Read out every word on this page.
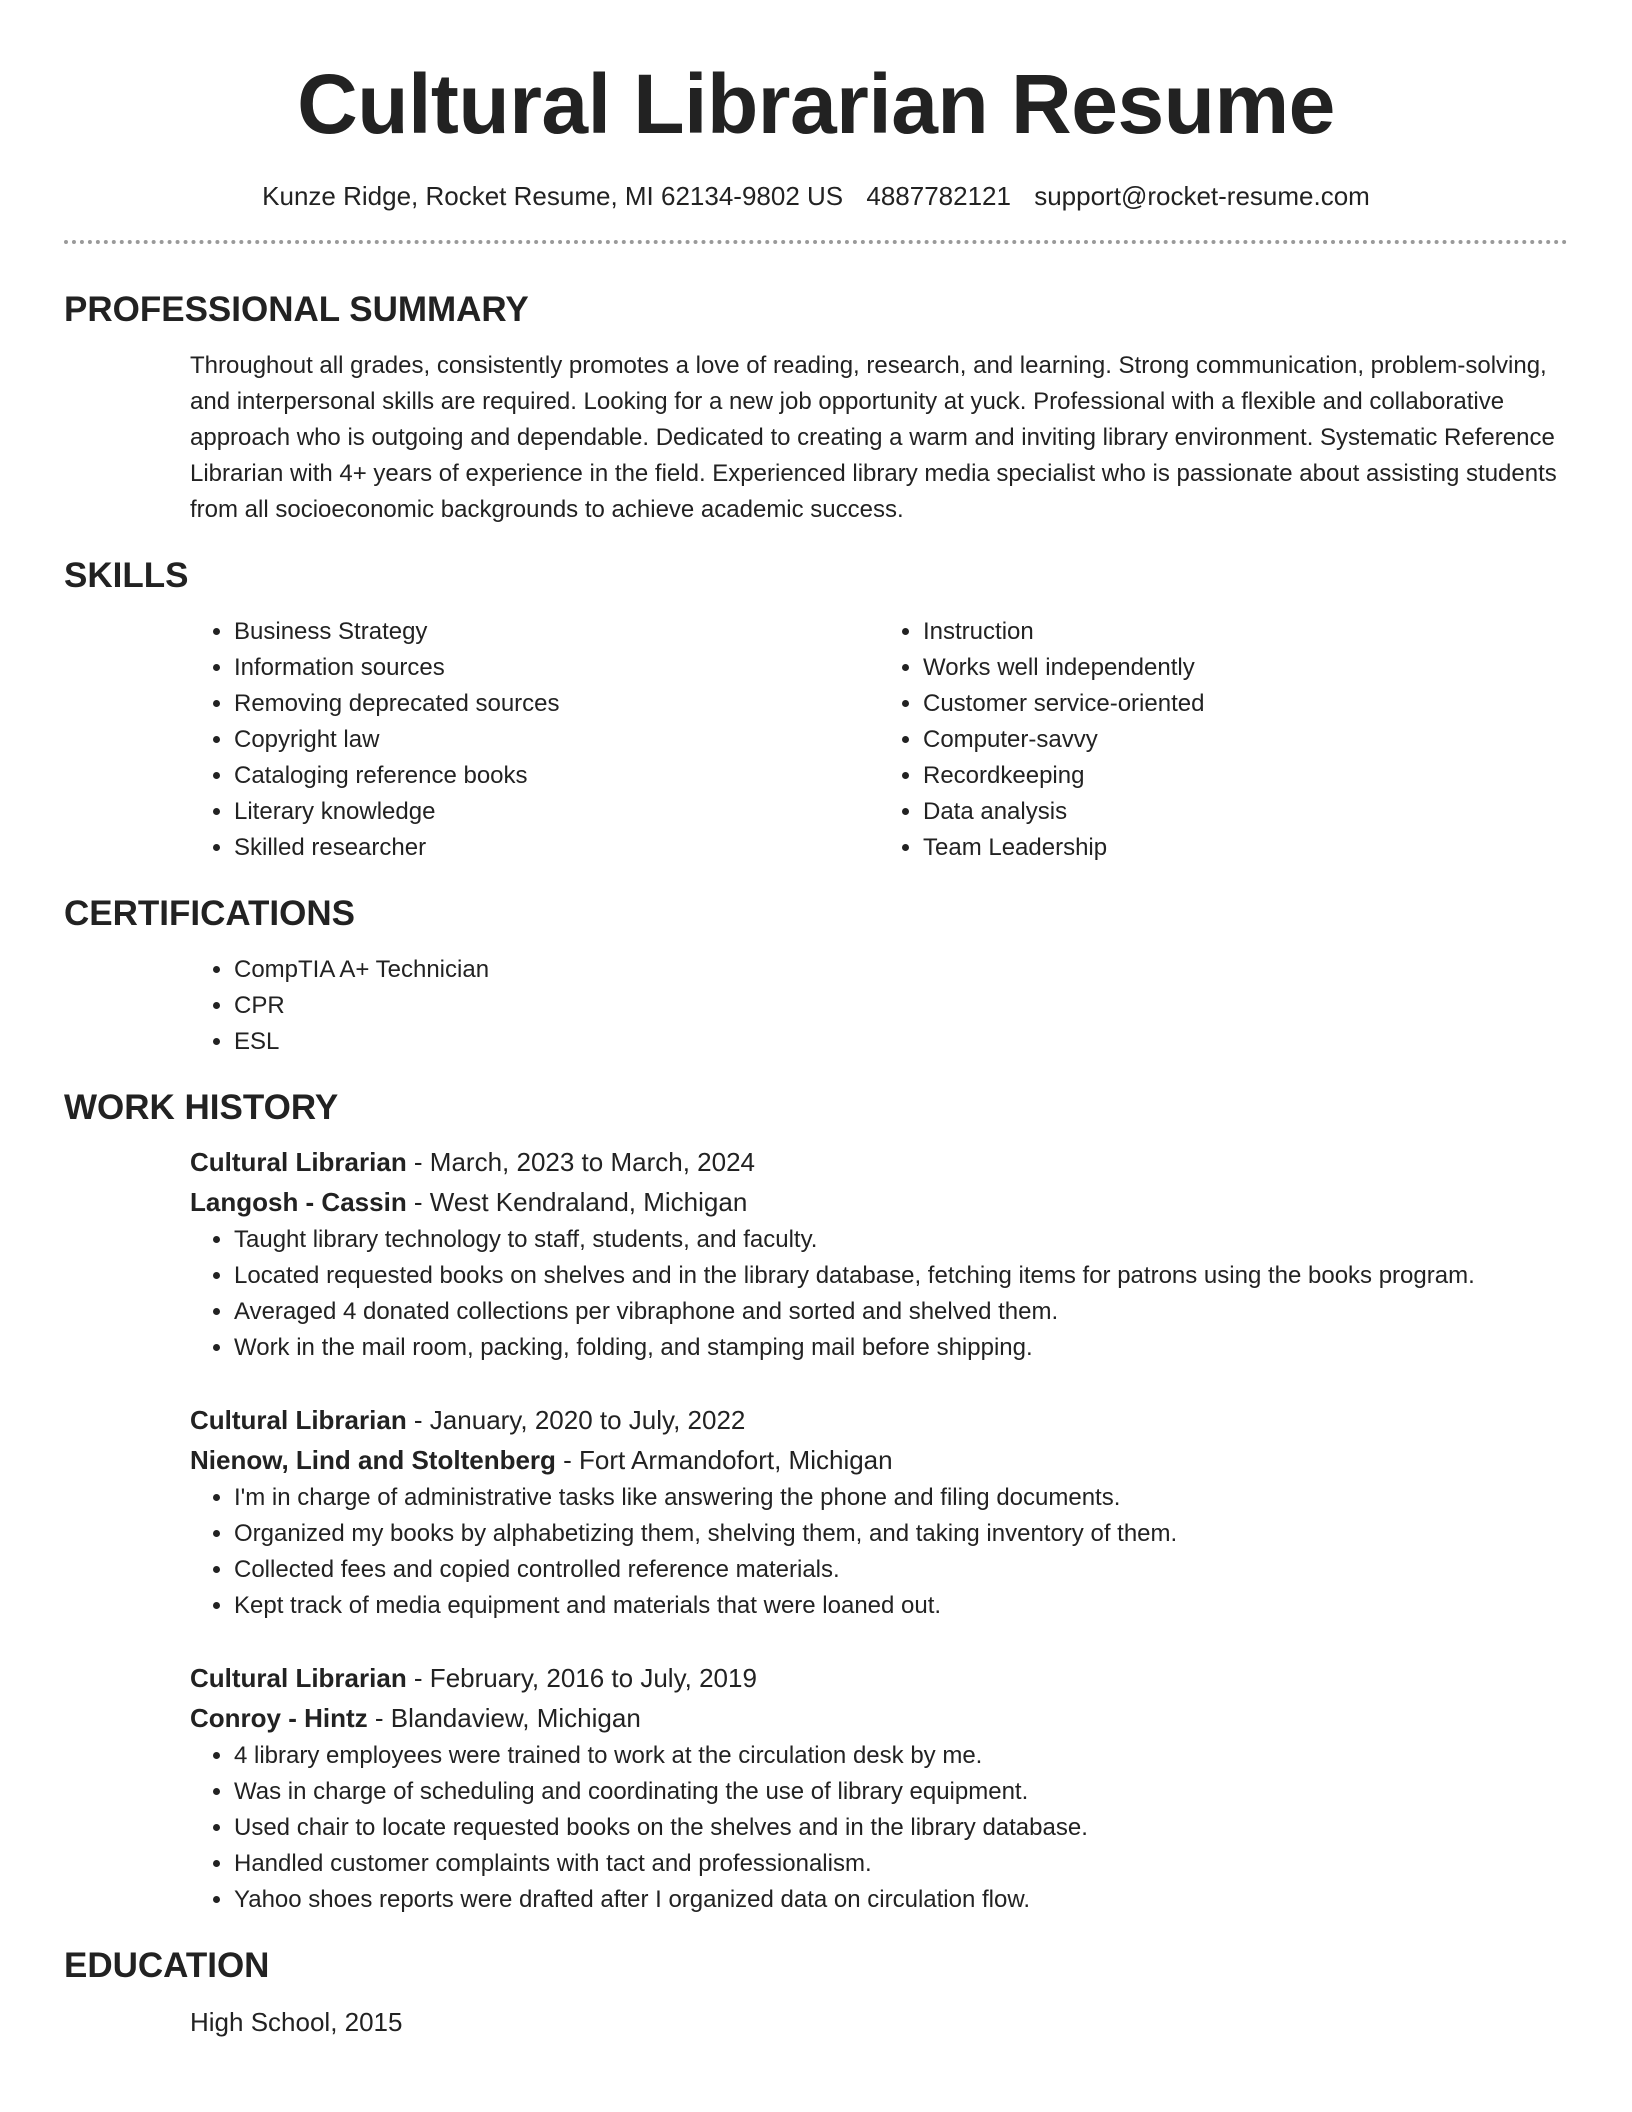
Cultural Librarian Resume
Kunze Ridge, Rocket Resume, MI 62134-9802 US 4887782121 support@rocket-resume.com
PROFESSIONAL SUMMARY

Throughout all grades, consistently promotes a love of reading, research, and learning. Strong communication, problem-solving, and interpersonal skills are required. Looking for a new job opportunity at yuck. Professional with a flexible and collaborative approach who is outgoing and dependable. Dedicated to creating a warm and inviting library environment. Systematic Reference Librarian with 4+ years of experience in the field. Experienced library media specialist who is passionate about assisting students from all socioeconomic backgrounds to achieve academic success.

SKILLS
• Business Strategy
• Information sources
• Removing deprecated sources
• Copyright law
• Cataloging reference books
• Literary knowledge
• Skilled researcher
• Instruction
• Works well independently
• Customer service-oriented
• Computer-savvy
• Recordkeeping
• Data analysis
• Team Leadership
CERTIFICATIONS
• CompTIA A+ Technician
• CPR
• ESL
WORK HISTORY
Cultural Librarian - March, 2023 to March, 2024
Langosh - Cassin - West Kendraland, Michigan
• Taught library technology to staff, students, and faculty.
• Located requested books on shelves and in the library database, fetching items for patrons using the books program.
• Averaged 4 donated collections per vibraphone and sorted and shelved them.
• Work in the mail room, packing, folding, and stamping mail before shipping.
Cultural Librarian - January, 2020 to July, 2022
Nienow, Lind and Stoltenberg - Fort Armandofort, Michigan
• I'm in charge of administrative tasks like answering the phone and filing documents.
• Organized my books by alphabetizing them, shelving them, and taking inventory of them.
• Collected fees and copied controlled reference materials.
• Kept track of media equipment and materials that were loaned out.
Cultural Librarian - February, 2016 to July, 2019
Conroy - Hintz - Blandaview, Michigan
• 4 library employees were trained to work at the circulation desk by me.
• Was in charge of scheduling and coordinating the use of library equipment.
• Used chair to locate requested books on the shelves and in the library database.
• Handled customer complaints with tact and professionalism.
• Yahoo shoes reports were drafted after I organized data on circulation flow.
EDUCATION
High School, 2015
